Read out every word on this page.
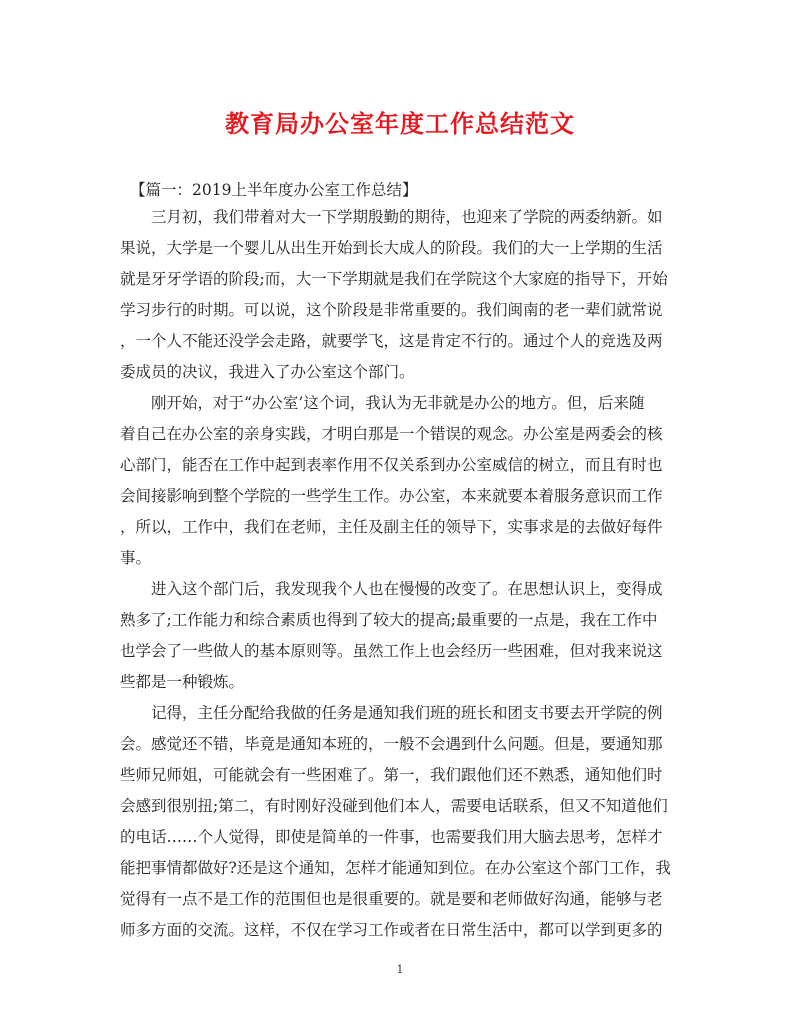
教育局办公室年度工作总结范文
【篇一：2019上半年度办公室工作总结】
三月初，我们带着对大一下学期殷勤的期待，也迎来了学院的两委纳新。如
果说，大学是一个婴儿从出生开始到长大成人的阶段。我们的大一上学期的生活
就是牙牙学语的阶段;而，大一下学期就是我们在学院这个大家庭的指导下，开始
学习步行的时期。可以说，这个阶段是非常重要的。我们闽南的老一辈们就常说
，一个人不能还没学会走路，就要学飞，这是肯定不行的。通过个人的竞选及两
委成员的决议，我进入了办公室这个部门。
刚开始，对于“办公室’这个词，我认为无非就是办公的地方。但，后来随
着自己在办公室的亲身实践，才明白那是一个错误的观念。办公室是两委会的核
心部门，能否在工作中起到表率作用不仅关系到办公室威信的树立，而且有时也
会间接影响到整个学院的一些学生工作。办公室，本来就要本着服务意识而工作
，所以，工作中，我们在老师，主任及副主任的领导下，实事求是的去做好每件
事。
进入这个部门后，我发现我个人也在慢慢的改变了。在思想认识上，变得成
熟多了;工作能力和综合素质也得到了较大的提高;最重要的一点是，我在工作中
也学会了一些做人的基本原则等。虽然工作上也会经历一些困难，但对我来说这
些都是一种锻炼。
记得，主任分配给我做的任务是通知我们班的班长和团支书要去开学院的例
会。感觉还不错，毕竟是通知本班的，一般不会遇到什么问题。但是，要通知那
些师兄师姐，可能就会有一些困难了。第一，我们跟他们还不熟悉，通知他们时
会感到很别扭;第二，有时刚好没碰到他们本人，需要电话联系，但又不知道他们
的电话……个人觉得，即使是简单的一件事，也需要我们用大脑去思考，怎样才
能把事情都做好?还是这个通知，怎样才能通知到位。在办公室这个部门工作，我
觉得有一点不是工作的范围但也是很重要的。就是要和老师做好沟通，能够与老
师多方面的交流。这样，不仅在学习工作或者在日常生活中，都可以学到更多的
1
